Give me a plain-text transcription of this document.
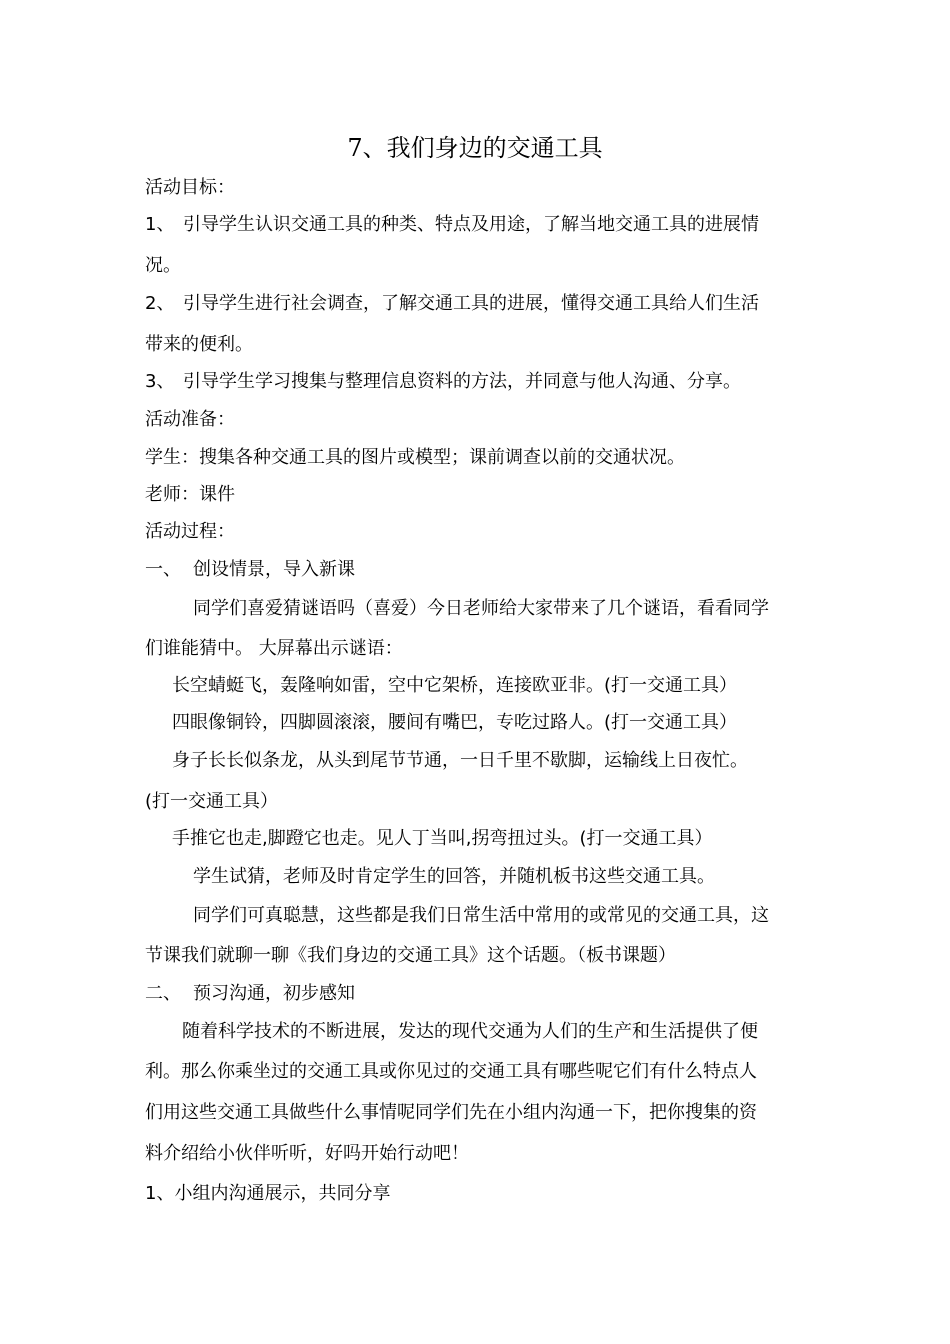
7、我们身边的交通工具
活动目标：
1、 引导学生认识交通工具的种类、特点及用途，了解当地交通工具的进展情
况。
2、 引导学生进行社会调查，了解交通工具的进展，懂得交通工具给人们生活
带来的便利。
3、 引导学生学习搜集与整理信息资料的方法，并同意与他人沟通、分享。
活动准备：
学生：搜集各种交通工具的图片或模型；课前调查以前的交通状况。
老师：课件
活动过程：
一、 创设情景，导入新课
同学们喜爱猜谜语吗（喜爱）今日老师给大家带来了几个谜语，看看同学
们谁能猜中。 大屏幕出示谜语：
长空蜻蜓飞，轰隆响如雷，空中它架桥，连接欧亚非。(打一交通工具）
四眼像铜铃，四脚圆滚滚，腰间有嘴巴，专吃过路人。(打一交通工具）
身子长长似条龙，从头到尾节节通，一日千里不歇脚，运输线上日夜忙。
(打一交通工具）
手推它也走,脚蹬它也走。见人丁当叫,拐弯扭过头。(打一交通工具）
学生试猜，老师及时肯定学生的回答，并随机板书这些交通工具。
同学们可真聪慧，这些都是我们日常生活中常用的或常见的交通工具，这
节课我们就聊一聊《我们身边的交通工具》这个话题。（板书课题）
二、 预习沟通，初步感知
随着科学技术的不断进展，发达的现代交通为人们的生产和生活提供了便
利。那么你乘坐过的交通工具或你见过的交通工具有哪些呢它们有什么特点人
们用这些交通工具做些什么事情呢同学们先在小组内沟通一下，把你搜集的资
料介绍给小伙伴听听，好吗开始行动吧！
1、小组内沟通展示，共同分享
